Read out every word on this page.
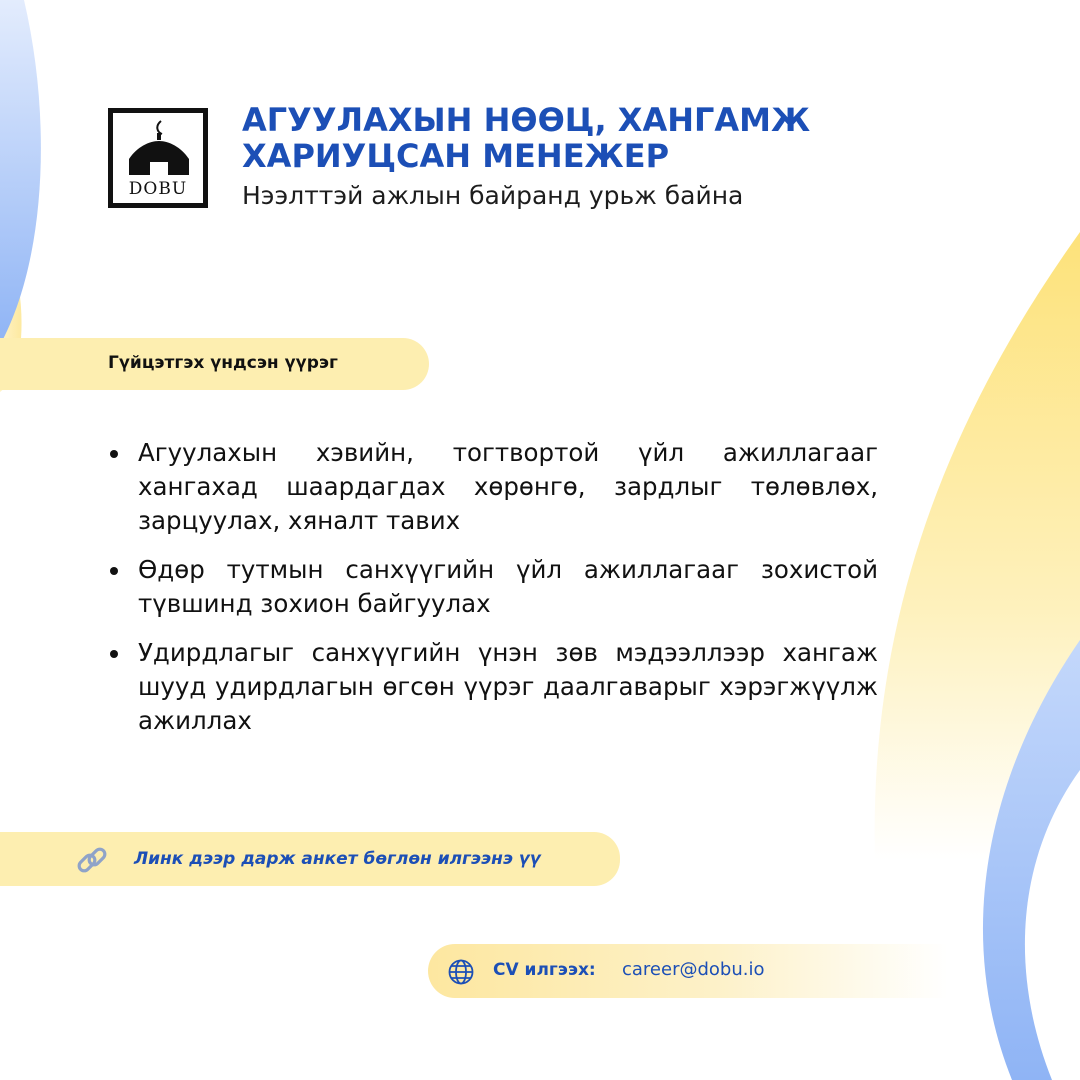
DOBU
АГУУЛАХЫН НӨӨЦ, ХАНГАМЖ
ХАРИУЦСАН МЕНЕЖЕР
Нээлттэй ажлын байранд урьж байна
Гүйцэтгэх үндсэн үүрэг
Агуулахын хэвийн, тогтвортой үйл ажиллагааг хангахад шаардагдах хөрөнгө, зардлыг төлөвлөх, зарцуулах, хяналт тавих
Өдөр тутмын санхүүгийн үйл ажиллагааг зохистой түвшинд зохион байгуулах
Удирдлагыг санхүүгийн үнэн зөв мэдээллээр хангаж шууд удирдлагын өгсөн үүрэг даалгаварыг хэрэгжүүлж ажиллах
Линк дээр дарж анкет бөглөн илгээнэ үү
CV илгээх: career@dobu.io
